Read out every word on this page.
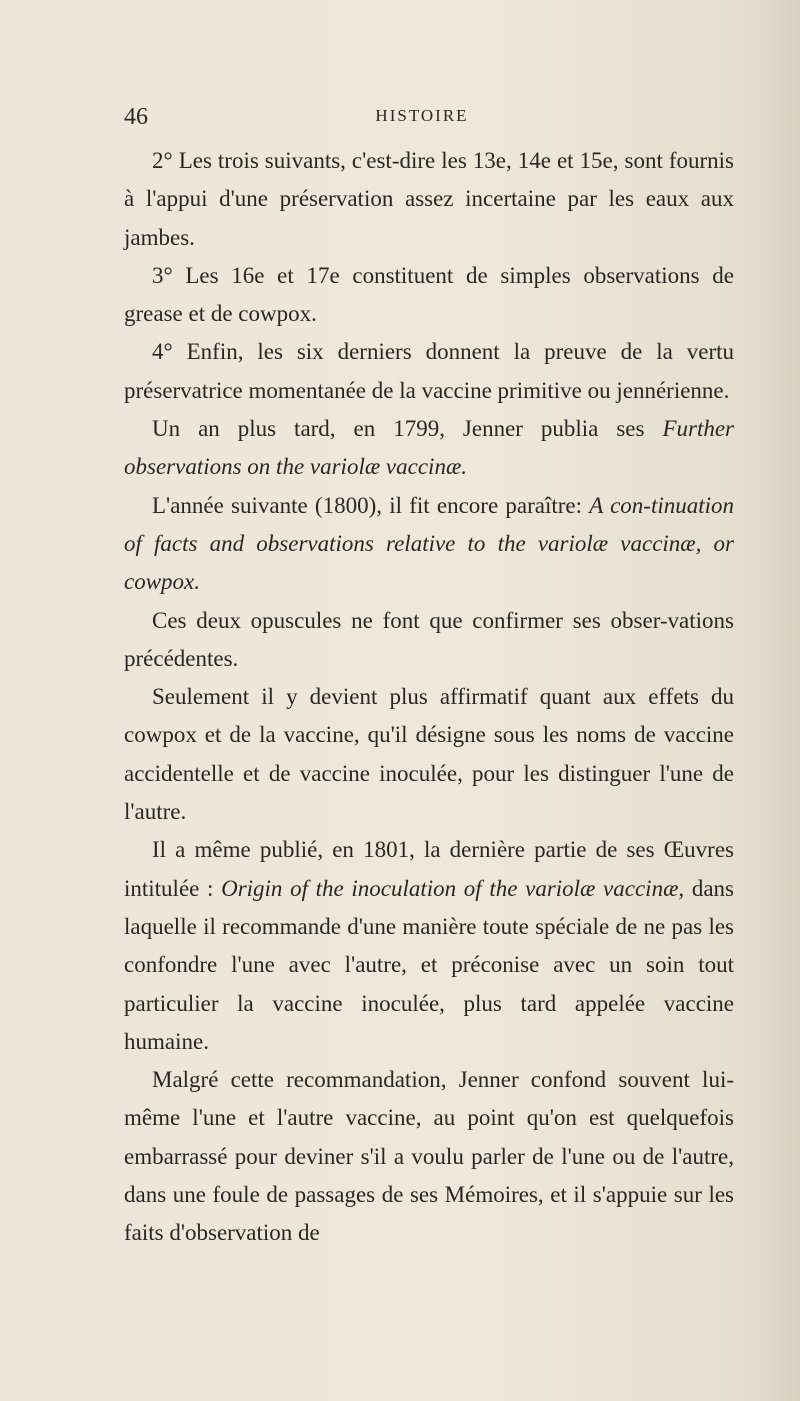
46	HISTOIRE

2° Les trois suivants, c'est-dire les 13e, 14e et 15e, sont fournis à l'appui d'une préservation assez incertaine par les eaux aux jambes.

3° Les 16e et 17e constituent de simples observations de grease et de cowpox.

4° Enfin, les six derniers donnent la preuve de la vertu préservatrice momentanée de la vaccine primitive ou jennérienne.

Un an plus tard, en 1799, Jenner publia ses Further observations on the variolæ vaccinæ.

L'année suivante (1800), il fit encore paraître: A con-tinuation of facts and observations relative to the variolæ vaccinæ, or cowpox.

Ces deux opuscules ne font que confirmer ses obser-vations précédentes.

Seulement il y devient plus affirmatif quant aux effets du cowpox et de la vaccine, qu'il désigne sous les noms de vaccine accidentelle et de vaccine inoculée, pour les distinguer l'une de l'autre.

Il a même publié, en 1801, la dernière partie de ses Œuvres intitulée : Origin of the inoculation of the variolæ vaccinæ, dans laquelle il recommande d'une manière toute spéciale de ne pas les confondre l'une avec l'autre, et préconise avec un soin tout particulier la vaccine inoculée, plus tard appelée vaccine humaine.

Malgré cette recommandation, Jenner confond souvent lui-même l'une et l'autre vaccine, au point qu'on est quelquefois embarrassé pour deviner s'il a voulu parler de l'une ou de l'autre, dans une foule de passages de ses Mémoires, et il s'appuie sur les faits d'observation de
